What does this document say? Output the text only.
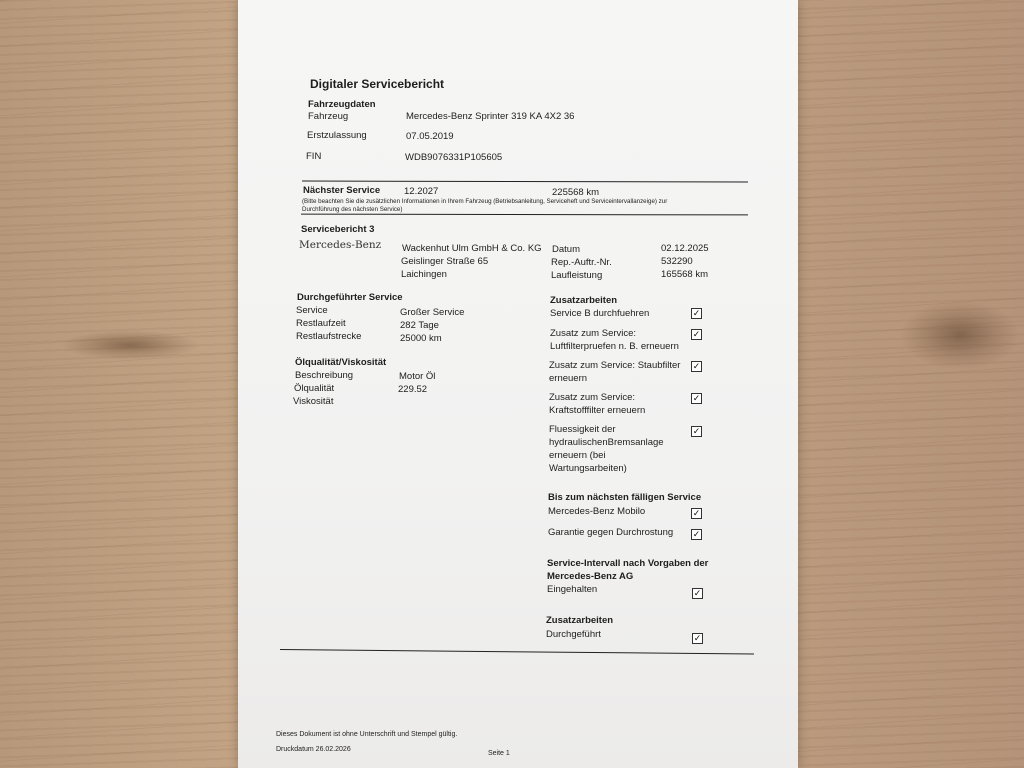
Digitaler Servicebericht
Fahrzeugdaten
Fahrzeug	Mercedes-Benz Sprinter 319 KA 4X2 36
Erstzulassung	07.05.2019
FIN	WDB9076331P105605
Nächster Service	12.2027	225568 km
(Bitte beachten Sie die zusätzlichen Informationen in Ihrem Fahrzeug (Betriebsanleitung, Serviceheft und Serviceintervallanzeige) zur
Durchführung des nächsten Service)
Servicebericht 3
Mercedes-Benz Wackenhut Ulm GmbH & Co. KG
Geislinger Straße 65
Laichingen
Datum	02.12.2025
Rep.-Auftr.-Nr.	532290
Laufleistung	165568 km
Durchgeführter Service
Service	Großer Service
Restlaufzeit	282 Tage
Restlaufstrecke	25000 km
Ölqualität/Viskosität
Beschreibung	Motor Öl
Ölqualität	229.52
Viskosität
Zusatzarbeiten
Service B durchfuehren	✓
Zusatz zum Service:
Luftfilterpruefen n. B. erneuern
✓
Zusatz zum Service: Staubfilter
erneuern
✓
Zusatz zum Service:
Kraftstofffilter erneuern
✓
Fluessigkeit der
hydraulischenBremsanlage
erneuern (bei
Wartungsarbeiten)
✓
Bis zum nächsten fälligen Service
Mercedes-Benz Mobilo	✓
Garantie gegen Durchrostung ✓
Service-Intervall nach Vorgaben der
Mercedes-Benz AG
Eingehalten	✓
Zusatzarbeiten
Durchgeführt	✓
Dieses Dokument ist ohne Unterschrift und Stempel gültig.
Druckdatum 26.02.2026
Seite 1
